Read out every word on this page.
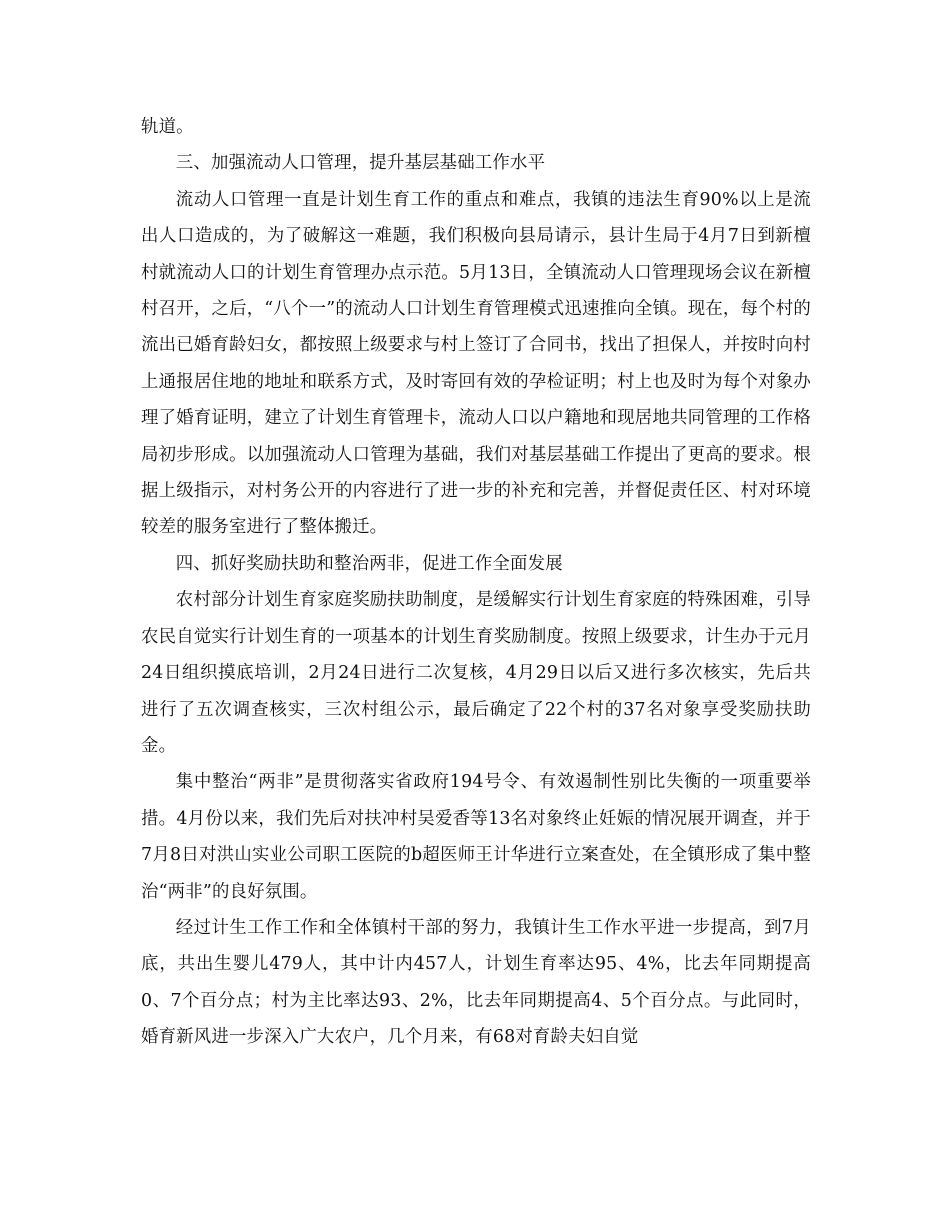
轨道。

三、加强流动人口管理，提升基层基础工作水平

流动人口管理一直是计划生育工作的重点和难点，我镇的违法生育90%以上是流出人口造成的，为了破解这一难题，我们积极向县局请示，县计生局于4月7日到新檀村就流动人口的计划生育管理办点示范。5月13日，全镇流动人口管理现场会议在新檀村召开，之后，“八个一”的流动人口计划生育管理模式迅速推向全镇。现在，每个村的流出已婚育龄妇女，都按照上级要求与村上签订了合同书，找出了担保人，并按时向村上通报居住地的地址和联系方式，及时寄回有效的孕检证明；村上也及时为每个对象办理了婚育证明，建立了计划生育管理卡，流动人口以户籍地和现居地共同管理的工作格局初步形成。以加强流动人口管理为基础，我们对基层基础工作提出了更高的要求。根据上级指示，对村务公开的内容进行了进一步的补充和完善，并督促责任区、村对环境较差的服务室进行了整体搬迁。

四、抓好奖励扶助和整治两非，促进工作全面发展

农村部分计划生育家庭奖励扶助制度，是缓解实行计划生育家庭的特殊困难，引导农民自觉实行计划生育的一项基本的计划生育奖励制度。按照上级要求，计生办于元月24日组织摸底培训，2月24日进行二次复核，4月29日以后又进行多次核实，先后共进行了五次调查核实，三次村组公示，最后确定了22个村的37名对象享受奖励扶助金。

集中整治“两非”是贯彻落实省政府194号令、有效遏制性别比失衡的一项重要举措。4月份以来，我们先后对扶冲村吴爱香等13名对象终止妊娠的情况展开调查，并于7月8日对洪山实业公司职工医院的b超医师王计华进行立案查处，在全镇形成了集中整治“两非”的良好氛围。

经过计生工作工作和全体镇村干部的努力，我镇计生工作水平进一步提高，到7月底，共出生婴儿479人，其中计内457人，计划生育率达95、4%，比去年同期提高0、7个百分点；村为主比率达93、2%，比去年同期提高4、5个百分点。与此同时，婚育新风进一步深入广大农户，几个月来，有68对育龄夫妇自觉
